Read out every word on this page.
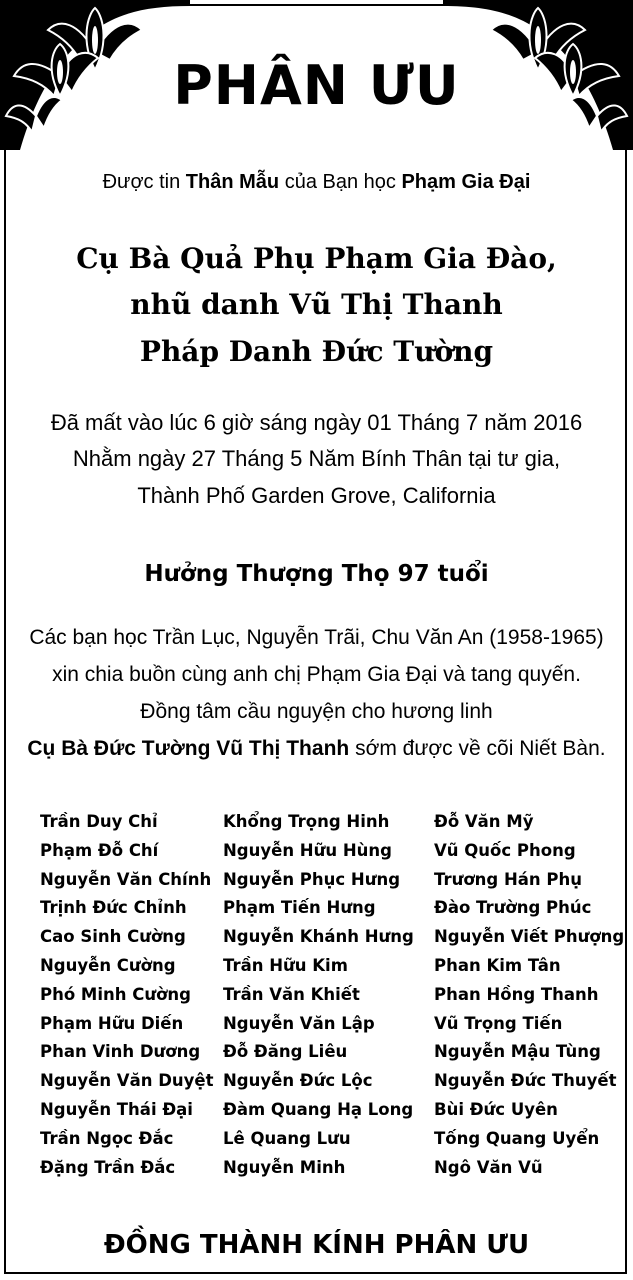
PHÂN ƯU
Được tin Thân Mẫu của Bạn học Phạm Gia Đại
Cụ Bà Quả Phụ Phạm Gia Đào,
nhũ danh Vũ Thị Thanh
Pháp Danh Đức Tường
Đã mất vào lúc 6 giờ sáng ngày 01 Tháng 7 năm 2016
Nhằm ngày 27 Tháng 5 Năm Bính Thân tại tư gia,
Thành Phố Garden Grove, California
Hưởng Thượng Thọ 97 tuổi
Các bạn học Trần Lục, Nguyễn Trãi, Chu Văn An (1958-1965)
xin chia buồn cùng anh chị Phạm Gia Đại và tang quyến.
Đồng tâm cầu nguyện cho hương linh
Cụ Bà Đức Tường Vũ Thị Thanh sớm được về cõi Niết Bàn.
Trần Duy Chỉ
Phạm Đỗ Chí
Nguyễn Văn Chính
Trịnh Đức Chỉnh
Cao Sinh Cường
Nguyễn Cường
Phó Minh Cường
Phạm Hữu Diến
Phan Vinh Dương
Nguyễn Văn Duyệt
Nguyễn Thái Đại
Trần Ngọc Đắc
Đặng Trần Đắc
Khổng Trọng Hinh
Nguyễn Hữu Hùng
Nguyễn Phục Hưng
Phạm Tiến Hưng
Nguyễn Khánh Hưng
Trần Hữu Kim
Trần Văn Khiết
Nguyễn Văn Lập
Đỗ Đăng Liêu
Nguyễn Đức Lộc
Đàm Quang Hạ Long
Lê Quang Lưu
Nguyễn Minh
Đỗ Văn Mỹ
Vũ Quốc Phong
Trương Hán Phụ
Đào Trường Phúc
Nguyễn Viết Phượng
Phan Kim Tân
Phan Hồng Thanh
Vũ Trọng Tiến
Nguyễn Mậu Tùng
Nguyễn Đức Thuyết
Bùi Đức Uyên
Tống Quang Uyển
Ngô Văn Vũ
ĐỒNG THÀNH KÍNH PHÂN ƯU
